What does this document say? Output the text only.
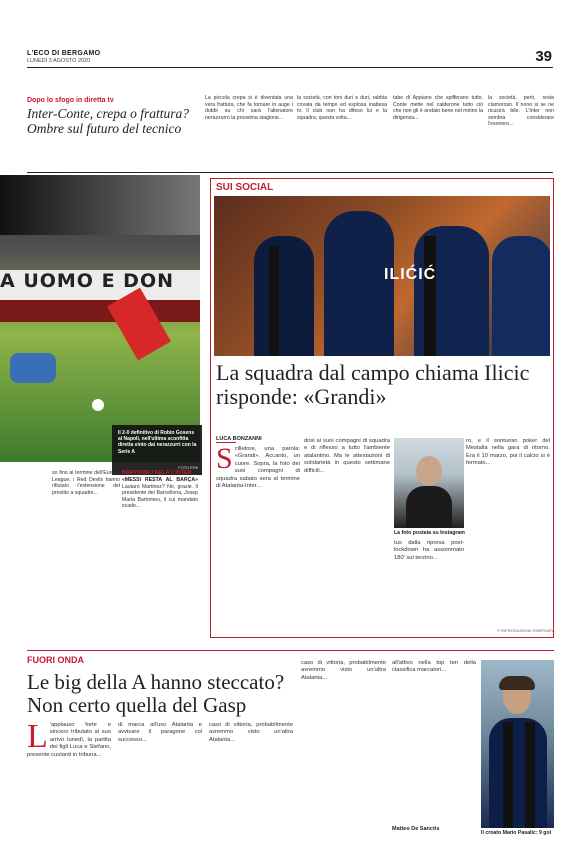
L'ECO DI BERGAMO
LUNEDÌ 3 AGOSTO 2020	39
Dopo lo sfogo in diretta tv
Inter-Conte, crepa o frattura? Ombre sul futuro del tecnico
La piccola crepa si è diventata una vera frattura, che fa tornare in auge i dubbi su chi sarà l'allenatore nerazzurro la prossima stagione...
la società, con toni duri e duri, rabbia covata da tempo ed esplosa inattesa tv. Il club non ha difeso lui e la squadra, questa volta...
tabe di Appiano che spifferano tutto. Conte mette nel calderone tutto ciò che non gli è andato bene nel mirino la dirigenza...
la società, però, resta clamoroso. Il nono si se ne ricucirà bile. L'Inter non sembra considerare l'esonero...
A UOMO E DON
Il 2-0 definitivo di Robin Gosens al Napoli, nell'ultima sconfitta diretta vinto dai nerazzurri con la Serie A
FOTO EPA
so fino al termine dell'Europa League, i Red Devils hanno rifiutato l'estensione del prestito a squadre...
BARTOMEU GELA L'INTER
«MESSI RESTA AL BARÇA» Lautaro Martinez? No, grazie. Il presidente del Barcellona, Josep Maria Bartomeu, il cui mandato scade...
SUI SOCIAL
ILIĆIĆ
La squadra dal campo chiama Ilicic risponde: «Grandi»
LUCA BONZANNI
Scilletore, una parola: «Grandi». Accanto, un cuore. Sopra, la foto dei suoi compagni di squadra sabato sera al termine di Atalanta-Inter...
dosi ai suoi compagni di squadra e di riflesso a tutto l'ambiente atalantino. Ma le attestazioni di solidarietà in questo settimane difficili...
La foto postata su Instagram
ro, e il sontuoso poker del Mestalla nella gara di ritorno. Era il 10 marzo, poi il calcio si è fermato...
tus dalla ripresa post-lockdown ha assommato 180' sul terzino...
© RIPRODUZIONE RISERVATA
FUORI ONDA
Le big della A hanno steccato? Non certo quella del Gasp
L 'applauso forte e sincero tributato al suo arrivo lunedì, la partita dei figli Luca e Stefano, presente custanti in tribuna...
di marca all'uso Atalanta e avvisare il paragone col successo...
caso di vittoria, probabilmente avremmo visto un'altra Atalanta...
caso di vittoria, probabilmente avremmo visto un'altra Atalanta...
all'attivo nella top ten della classifica marcatori...
Matteo De Sanctis
Il croato Mario Pasalic: 9 gol
